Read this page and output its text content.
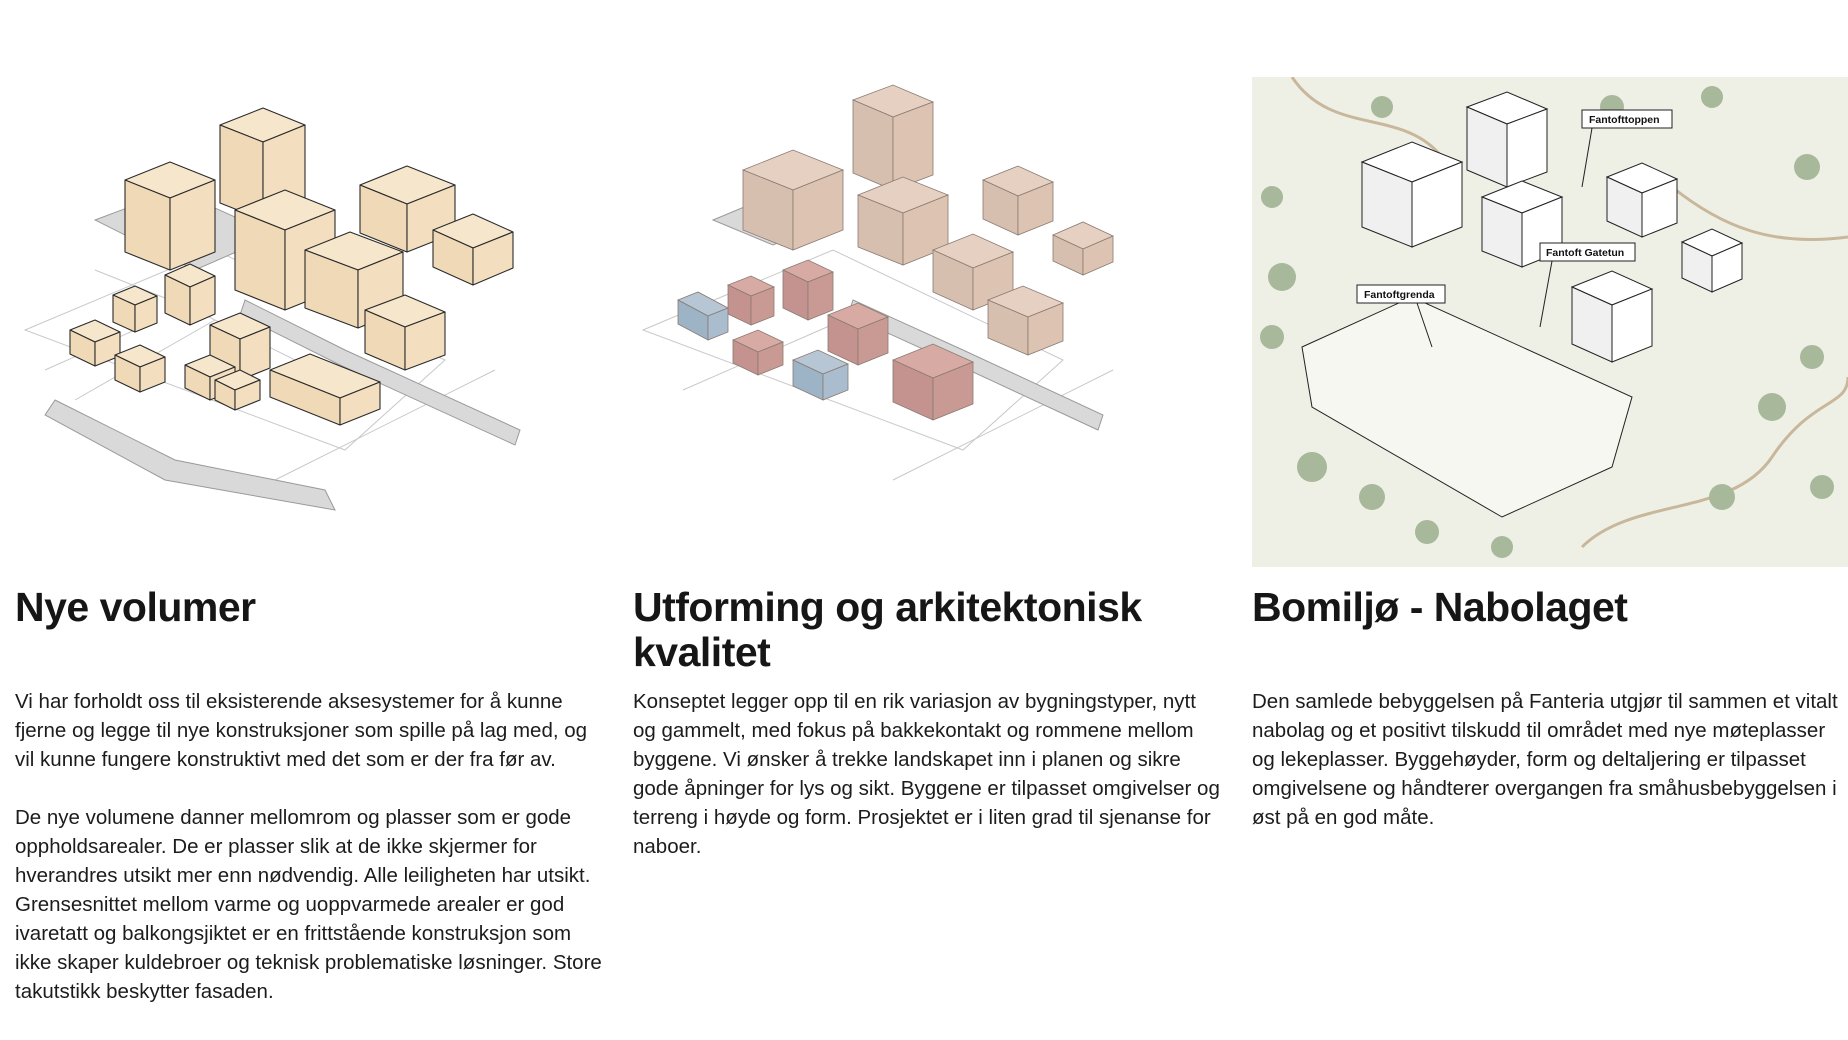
Nye volumer

Vi har forholdt oss til eksisterende aksesystemer for å kunne fjerne og legge til nye konstruksjoner som spille på lag med, og vil kunne fungere konstruktivt med det som er der fra før av.

De nye volumene danner mellomrom og plasser som er gode oppholdsarealer. De er plasser slik at de ikke skjermer for hverandres utsikt mer enn nødvendig. Alle leiligheten har utsikt. Grensesnittet mellom varme og uoppvarmede arealer er god ivaretatt og balkongsjiktet er en frittstående konstruksjon som ikke skaper kuldebroer og teknisk problematiske løsninger. Store takutstikk beskytter fasaden.

Utforming og arkitektonisk kvalitet

Konseptet legger opp til en rik variasjon av bygningstyper, nytt og gammelt, med fokus på bakkekontakt og rommene mellom byggene. Vi ønsker å trekke landskapet inn i planen og sikre gode åpninger for lys og sikt. Byggene er tilpasset omgivelser og terreng i høyde og form. Prosjektet er i liten grad til sjenanse for naboer.

Fantofttoppen
Fantoft Gatetun
Fantoftgrenda
Bomiljø - Nabolaget

Den samlede bebyggelsen på Fanteria utgjør til sammen et vitalt nabolag og et positivt tilskudd til området med nye møteplasser og lekeplasser. Byggehøyder, form og deltaljering er tilpasset omgivelsene og håndterer overgangen fra småhusbebyggelsen i øst på en god måte.
